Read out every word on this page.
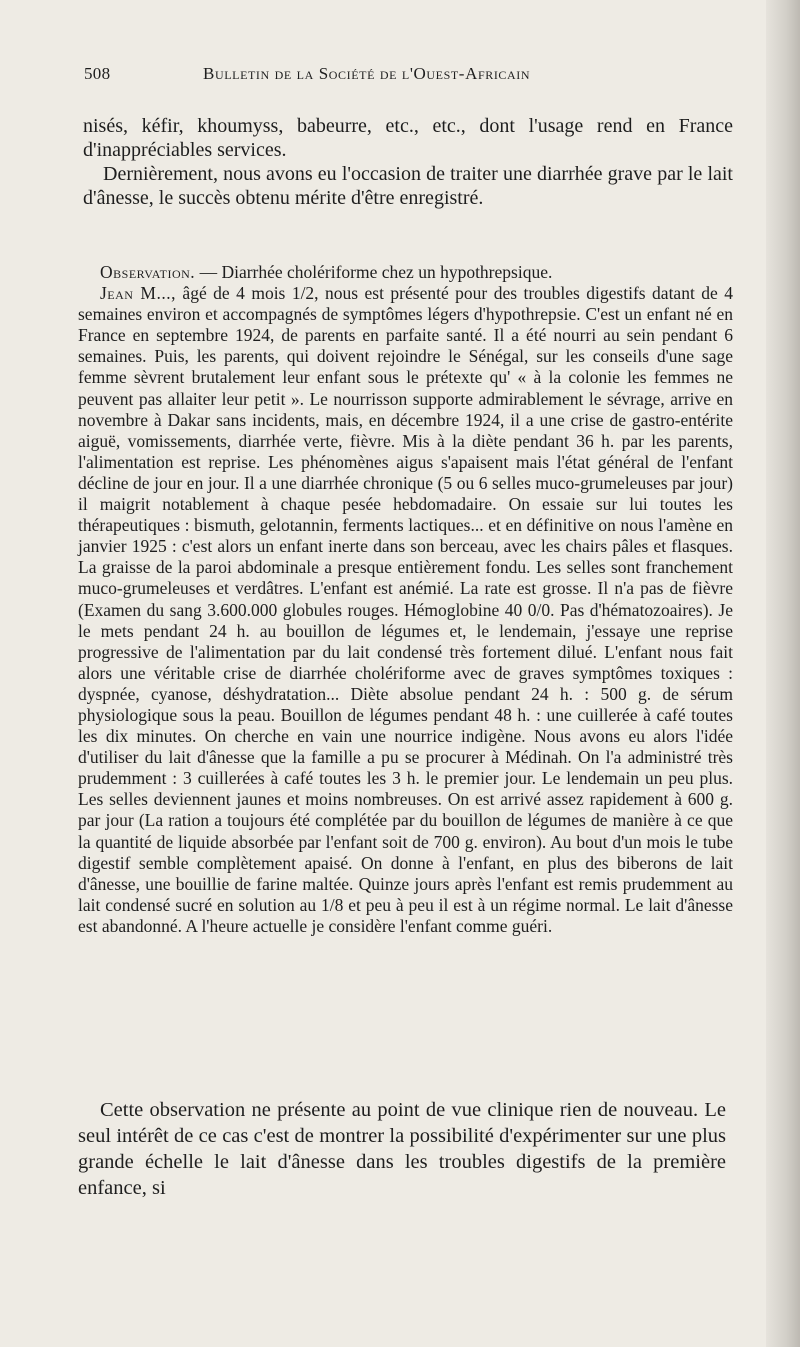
508	Bulletin de la Société de l'Ouest-Africain

nisés, kéfir, khoumyss, babeurre, etc., etc., dont l'usage rend en France d'inappréciables services.

Dernièrement, nous avons eu l'occasion de traiter une diarrhée grave par le lait d'ânesse, le succès obtenu mérite d'être enregistré.

Observation. — Diarrhée cholériforme chez un hypothrepsique.

Jean M..., âgé de 4 mois 1/2, nous est présenté pour des troubles digestifs datant de 4 semaines environ et accompagnés de symptômes légers d'hypothrepsie. C'est un enfant né en France en septembre 1924, de parents en parfaite santé. Il a été nourri au sein pendant 6 semaines. Puis, les parents, qui doivent rejoindre le Sénégal, sur les conseils d'une sage femme sèvrent brutalement leur enfant sous le prétexte qu' « à la colonie les femmes ne peuvent pas allaiter leur petit ». Le nourrisson supporte admirablement le sévrage, arrive en novembre à Dakar sans incidents, mais, en décembre 1924, il a une crise de gastro-entérite aiguë, vomissements, diarrhée verte, fièvre. Mis à la diète pendant 36 h. par les parents, l'alimentation est reprise. Les phénomènes aigus s'apaisent mais l'état général de l'enfant décline de jour en jour. Il a une diarrhée chronique (5 ou 6 selles muco-grumeleuses par jour) il maigrit notablement à chaque pesée hebdomadaire. On essaie sur lui toutes les thérapeutiques : bismuth, gelotannin, ferments lactiques... et en définitive on nous l'amène en janvier 1925 : c'est alors un enfant inerte dans son berceau, avec les chairs pâles et flasques. La graisse de la paroi abdominale a presque entièrement fondu. Les selles sont franchement muco-grumeleuses et verdâtres. L'enfant est anémié. La rate est grosse. Il n'a pas de fièvre (Examen du sang 3.600.000 globules rouges. Hémoglobine 40 0/0. Pas d'hématozoaires). Je le mets pendant 24 h. au bouillon de légumes et, le lendemain, j'essaye une reprise progressive de l'alimentation par du lait condensé très fortement dilué. L'enfant nous fait alors une véritable crise de diarrhée cholériforme avec de graves symptômes toxiques : dyspnée, cyanose, déshydratation... Diète absolue pendant 24 h. : 500 g. de sérum physiologique sous la peau. Bouillon de légumes pendant 48 h. : une cuillerée à café toutes les dix minutes. On cherche en vain une nourrice indigène. Nous avons eu alors l'idée d'utiliser du lait d'ânesse que la famille a pu se procurer à Médinah. On l'a administré très prudemment : 3 cuillerées à café toutes les 3 h. le premier jour. Le lendemain un peu plus. Les selles deviennent jaunes et moins nombreuses. On est arrivé assez rapidement à 600 g. par jour (La ration a toujours été complétée par du bouillon de légumes de manière à ce que la quantité de liquide absorbée par l'enfant soit de 700 g. environ). Au bout d'un mois le tube digestif semble complètement apaisé. On donne à l'enfant, en plus des biberons de lait d'ânesse, une bouillie de farine maltée. Quinze jours après l'enfant est remis prudemment au lait condensé sucré en solution au 1/8 et peu à peu il est à un régime normal. Le lait d'ânesse est abandonné. A l'heure actuelle je considère l'enfant comme guéri.

Cette observation ne présente au point de vue clinique rien de nouveau. Le seul intérêt de ce cas c'est de montrer la possibilité d'expérimenter sur une plus grande échelle le lait d'ânesse dans les troubles digestifs de la première enfance, si
